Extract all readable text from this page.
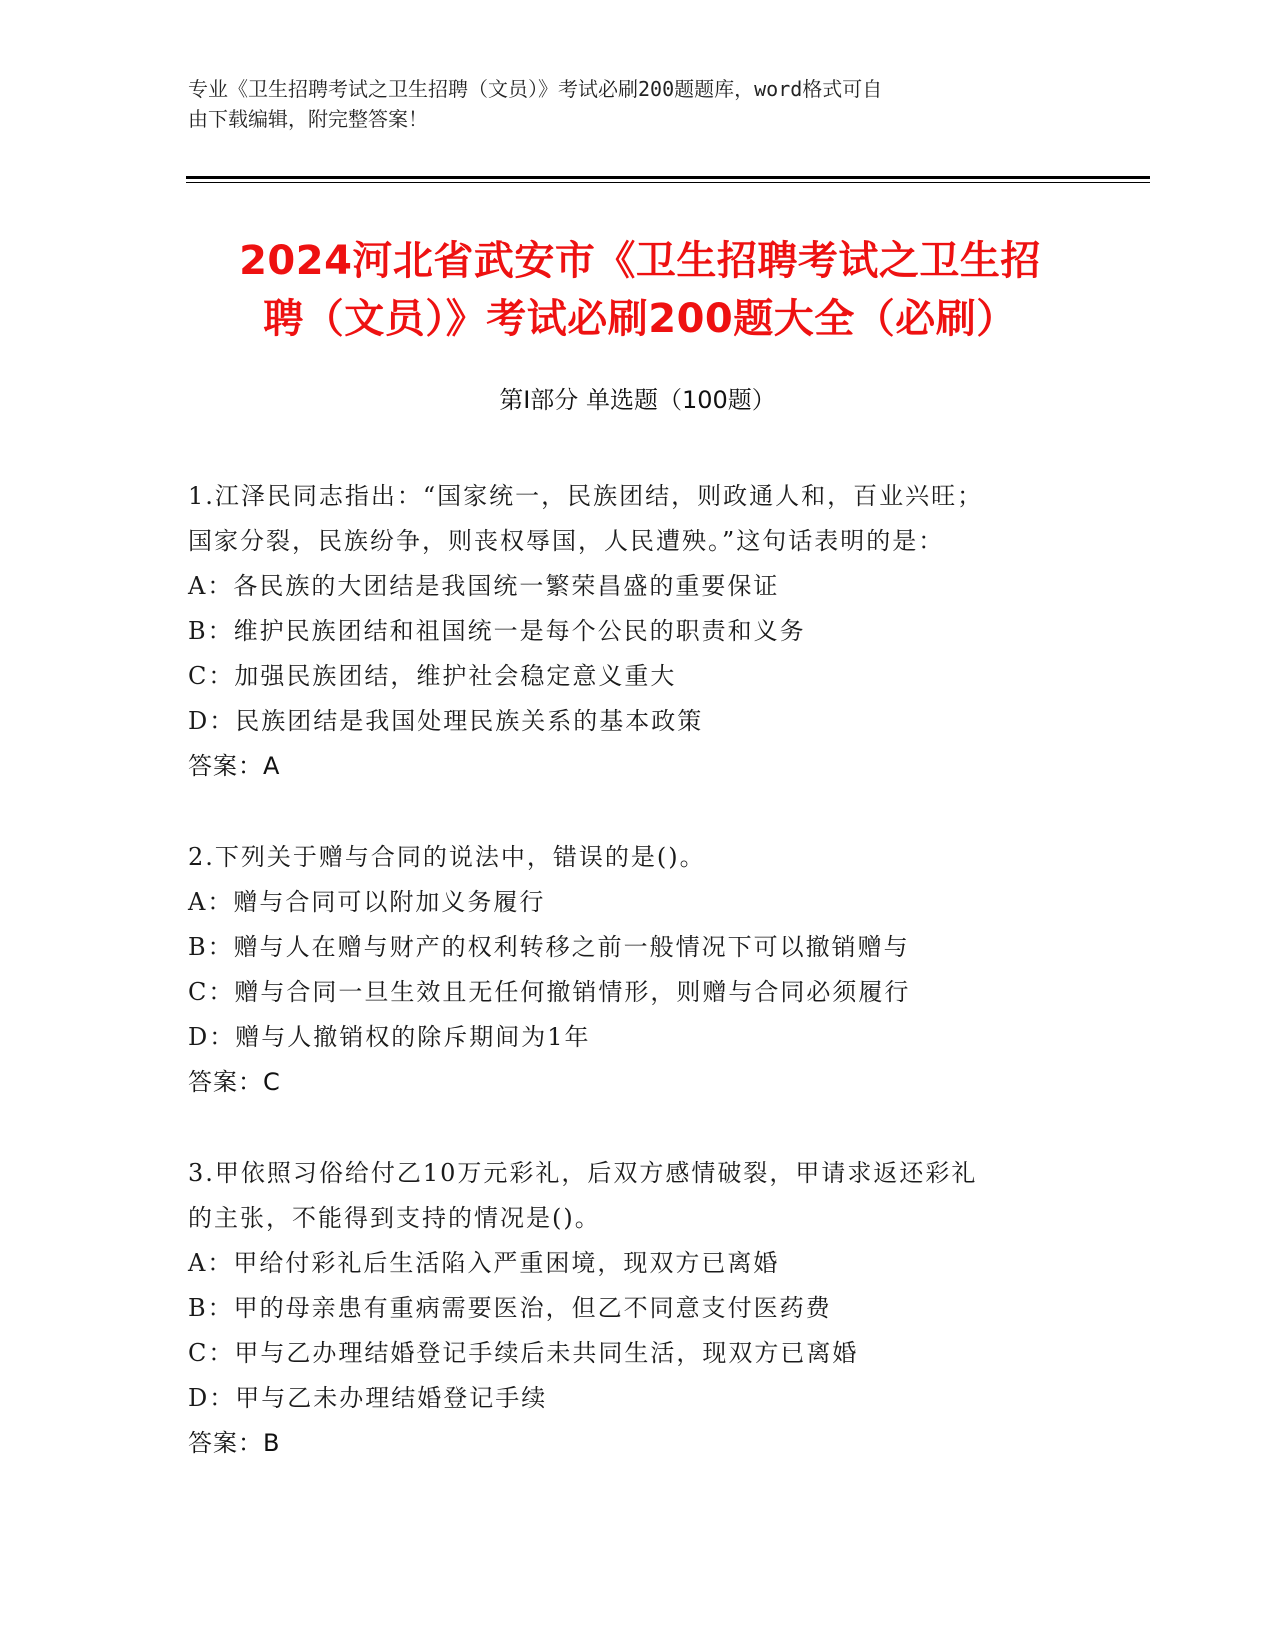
专业《卫生招聘考试之卫生招聘（文员）》考试必刷200题题库，word格式可自
由下载编辑，附完整答案！
2024河北省武安市《卫生招聘考试之卫生招
聘（文员）》考试必刷200题大全（必刷）
第I部分 单选题（100题）
1.江泽民同志指出：“国家统一，民族团结，则政通人和，百业兴旺；
国家分裂，民族纷争，则丧权辱国，人民遭殃。”这句话表明的是：
A：各民族的大团结是我国统一繁荣昌盛的重要保证
B：维护民族团结和祖国统一是每个公民的职责和义务
C：加强民族团结，维护社会稳定意义重大
D：民族团结是我国处理民族关系的基本政策
答案：A
2.下列关于赠与合同的说法中，错误的是()。
A：赠与合同可以附加义务履行
B：赠与人在赠与财产的权利转移之前一般情况下可以撤销赠与
C：赠与合同一旦生效且无任何撤销情形，则赠与合同必须履行
D：赠与人撤销权的除斥期间为1年
答案：C
3.甲依照习俗给付乙10万元彩礼，后双方感情破裂，甲请求返还彩礼
的主张，不能得到支持的情况是()。
A：甲给付彩礼后生活陷入严重困境，现双方已离婚
B：甲的母亲患有重病需要医治，但乙不同意支付医药费
C：甲与乙办理结婚登记手续后未共同生活，现双方已离婚
D：甲与乙未办理结婚登记手续
答案：B
